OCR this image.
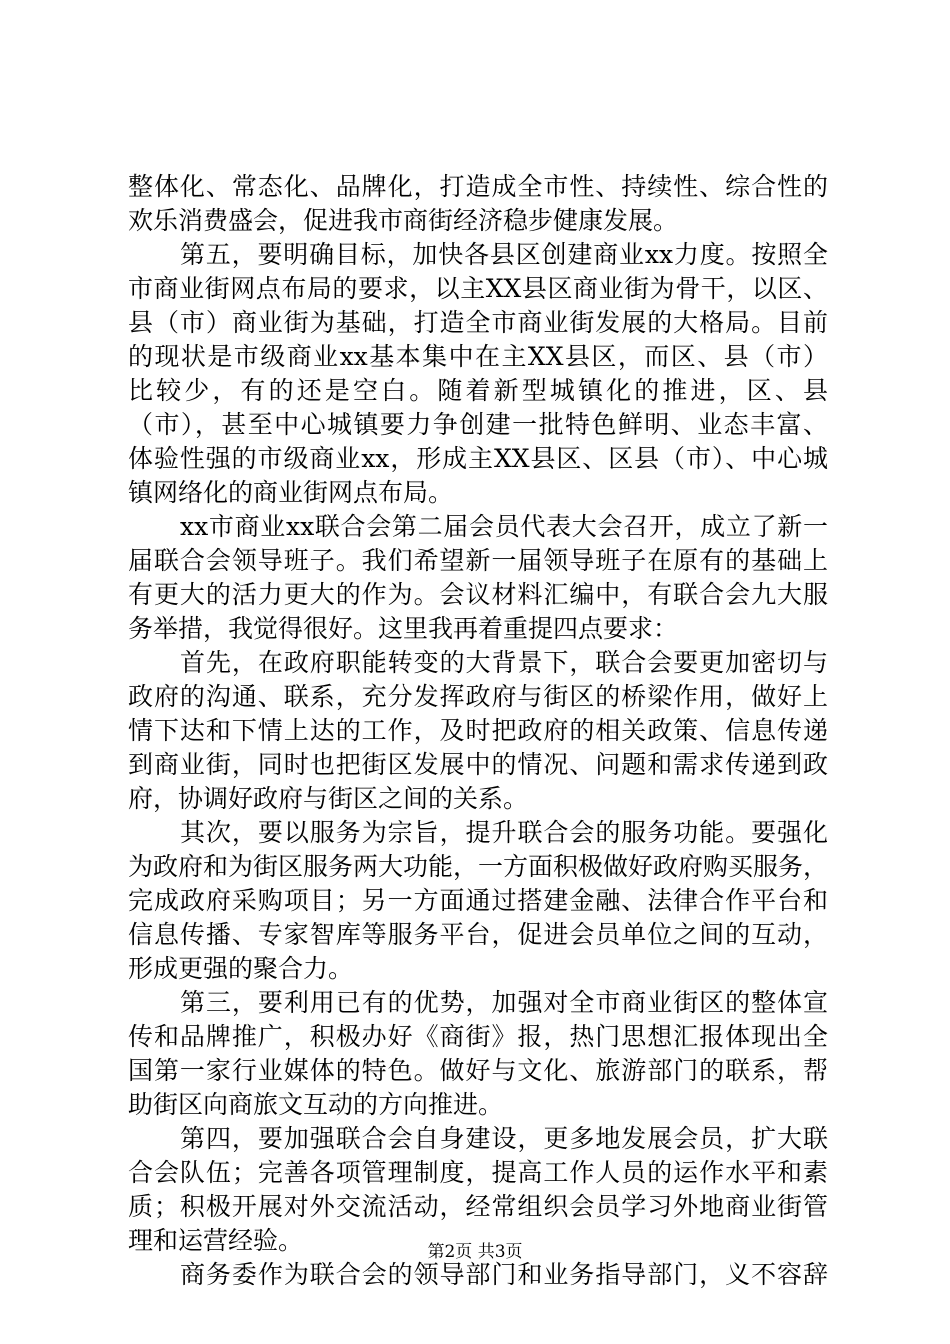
整体化、常态化、品牌化，打造成全市性、持续性、综合性的
欢乐消费盛会，促进我市商街经济稳步健康发展。
第五，要明确目标，加快各县区创建商业xx力度。按照全
市商业街网点布局的要求，以主XX县区商业街为骨干，以区、
县（市）商业街为基础，打造全市商业街发展的大格局。目前
的现状是市级商业xx基本集中在主XX县区，而区、县（市）
比较少，有的还是空白。随着新型城镇化的推进，区、县
（市），甚至中心城镇要力争创建一批特色鲜明、业态丰富、
体验性强的市级商业xx，形成主XX县区、区县（市）、中心城
镇网络化的商业街网点布局。
xx市商业xx联合会第二届会员代表大会召开，成立了新一
届联合会领导班子。我们希望新一届领导班子在原有的基础上
有更大的活力更大的作为。会议材料汇编中，有联合会九大服
务举措，我觉得很好。这里我再着重提四点要求：
首先，在政府职能转变的大背景下，联合会要更加密切与
政府的沟通、联系，充分发挥政府与街区的桥梁作用，做好上
情下达和下情上达的工作，及时把政府的相关政策、信息传递
到商业街，同时也把街区发展中的情况、问题和需求传递到政
府，协调好政府与街区之间的关系。
其次，要以服务为宗旨，提升联合会的服务功能。要强化
为政府和为街区服务两大功能，一方面积极做好政府购买服务，
完成政府采购项目；另一方面通过搭建金融、法律合作平台和
信息传播、专家智库等服务平台，促进会员单位之间的互动，
形成更强的聚合力。
第三，要利用已有的优势，加强对全市商业街区的整体宣
传和品牌推广，积极办好《商街》报，热门思想汇报体现出全
国第一家行业媒体的特色。做好与文化、旅游部门的联系，帮
助街区向商旅文互动的方向推进。
第四，要加强联合会自身建设，更多地发展会员，扩大联
合会队伍；完善各项管理制度，提高工作人员的运作水平和素
质；积极开展对外交流活动，经常组织会员学习外地商业街管
理和运营经验。
商务委作为联合会的领导部门和业务指导部门，义不容辞
第2页 共3页
